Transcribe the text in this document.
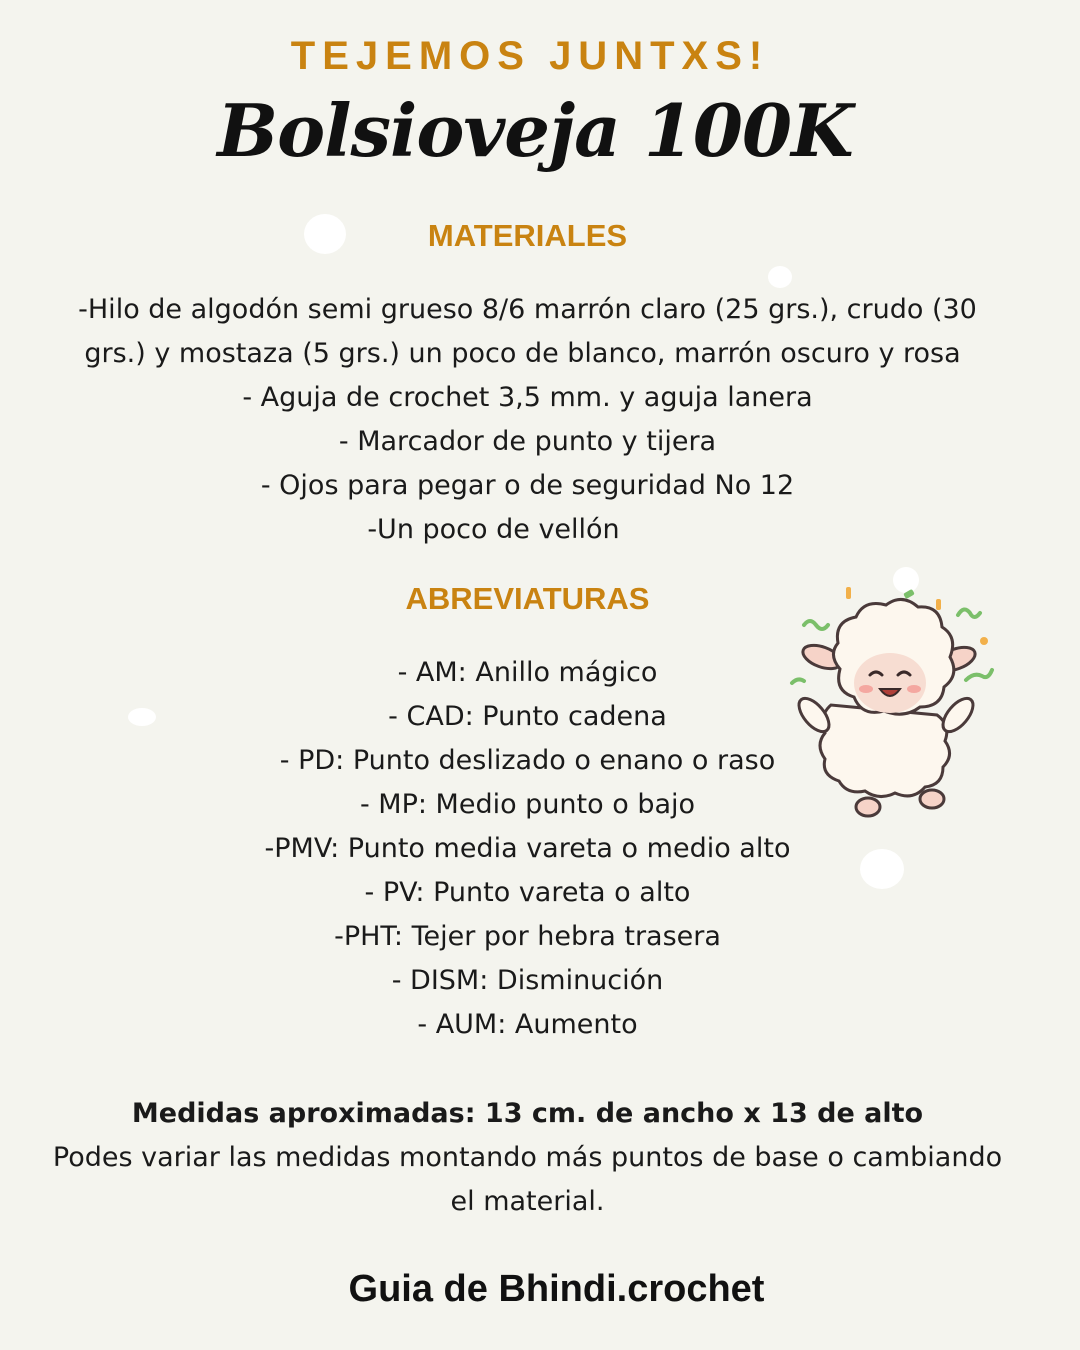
TEJEMOS JUNTXS!
Bolsioveja 100K
MATERIALES
-Hilo de algodón semi grueso 8/6 marrón claro (25 grs.), crudo (30
grs.) y mostaza (5 grs.) un poco de blanco, marrón oscuro y rosa
- Aguja de crochet 3,5 mm. y aguja lanera
- Marcador de punto y tijera
- Ojos para pegar o de seguridad No 12
-Un poco de vellón
ABREVIATURAS
- AM: Anillo mágico
- CAD: Punto cadena
- PD: Punto deslizado o enano o raso
- MP: Medio punto o bajo
-PMV: Punto media vareta o medio alto
- PV: Punto vareta o alto
-PHT: Tejer por hebra trasera
- DISM: Disminución
- AUM: Aumento
Medidas aproximadas: 13 cm. de ancho x 13 de alto
Podes variar las medidas montando más puntos de base o cambiando el material.
Guia de Bhindi.crochet
